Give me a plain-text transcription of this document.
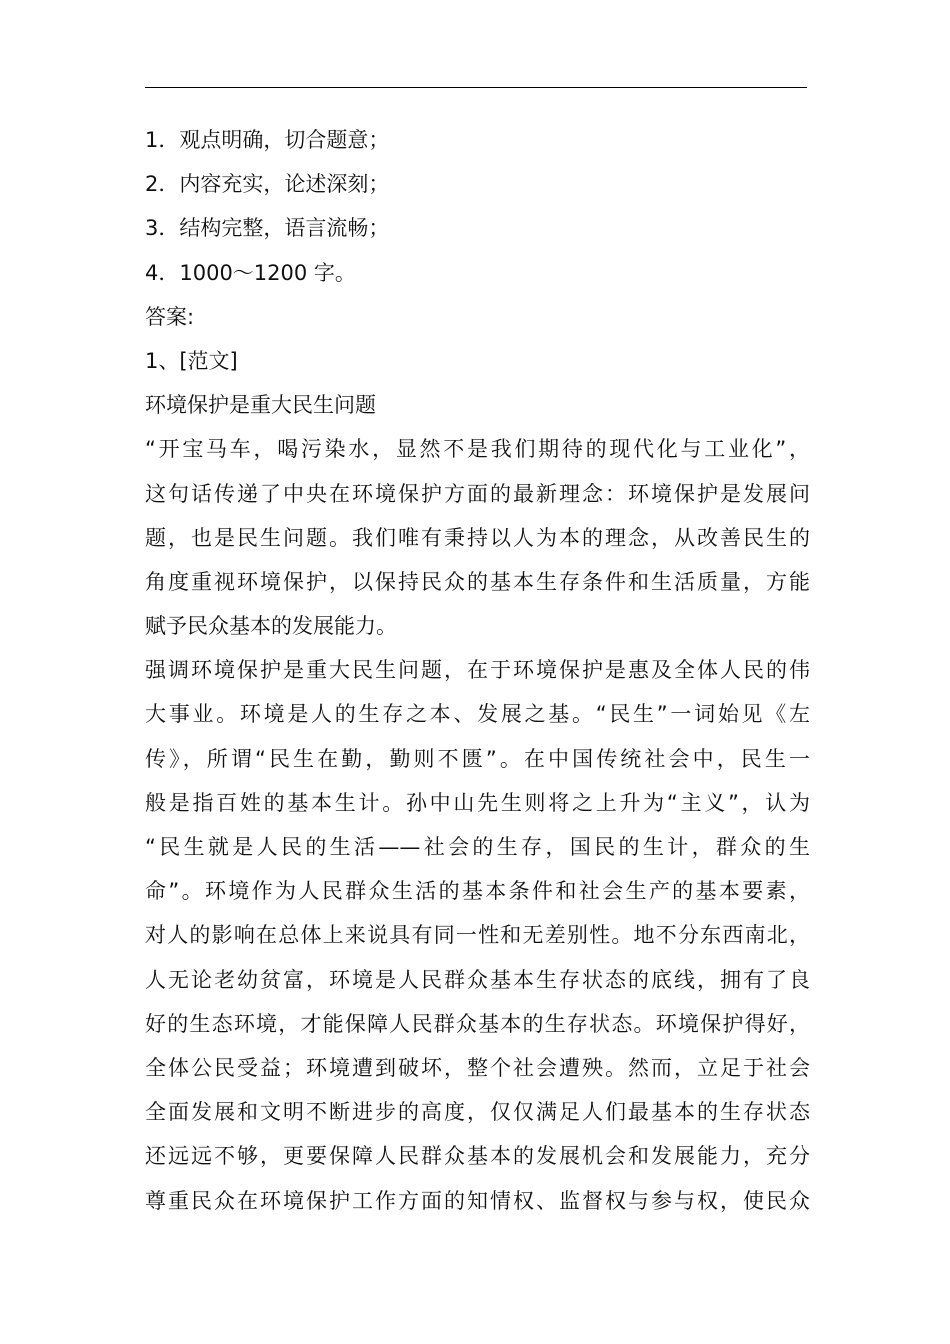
1．观点明确，切合题意；
2．内容充实，论述深刻；
3．结构完整，语言流畅；
4．1000～1200 字。
答案:
1、[范文]
环境保护是重大民生问题
“开宝马车，喝污染水，显然不是我们期待的现代化与工业化”，
这句话传递了中央在环境保护方面的最新理念：环境保护是发展问
题，也是民生问题。我们唯有秉持以人为本的理念，从改善民生的
角度重视环境保护，以保持民众的基本生存条件和生活质量，方能
赋予民众基本的发展能力。
强调环境保护是重大民生问题，在于环境保护是惠及全体人民的伟
大事业。环境是人的生存之本、发展之基。“民生”一词始见《左
传》，所谓“民生在勤，勤则不匮”。在中国传统社会中，民生一
般是指百姓的基本生计。孙中山先生则将之上升为“主义”，认为
“民生就是人民的生活——社会的生存，国民的生计，群众的生
命”。环境作为人民群众生活的基本条件和社会生产的基本要素，
对人的影响在总体上来说具有同一性和无差别性。地不分东西南北，
人无论老幼贫富，环境是人民群众基本生存状态的底线，拥有了良
好的生态环境，才能保障人民群众基本的生存状态。环境保护得好，
全体公民受益；环境遭到破坏，整个社会遭殃。然而，立足于社会
全面发展和文明不断进步的高度，仅仅满足人们最基本的生存状态
还远远不够，更要保障人民群众基本的发展机会和发展能力，充分
尊重民众在环境保护工作方面的知情权、监督权与参与权，使民众
